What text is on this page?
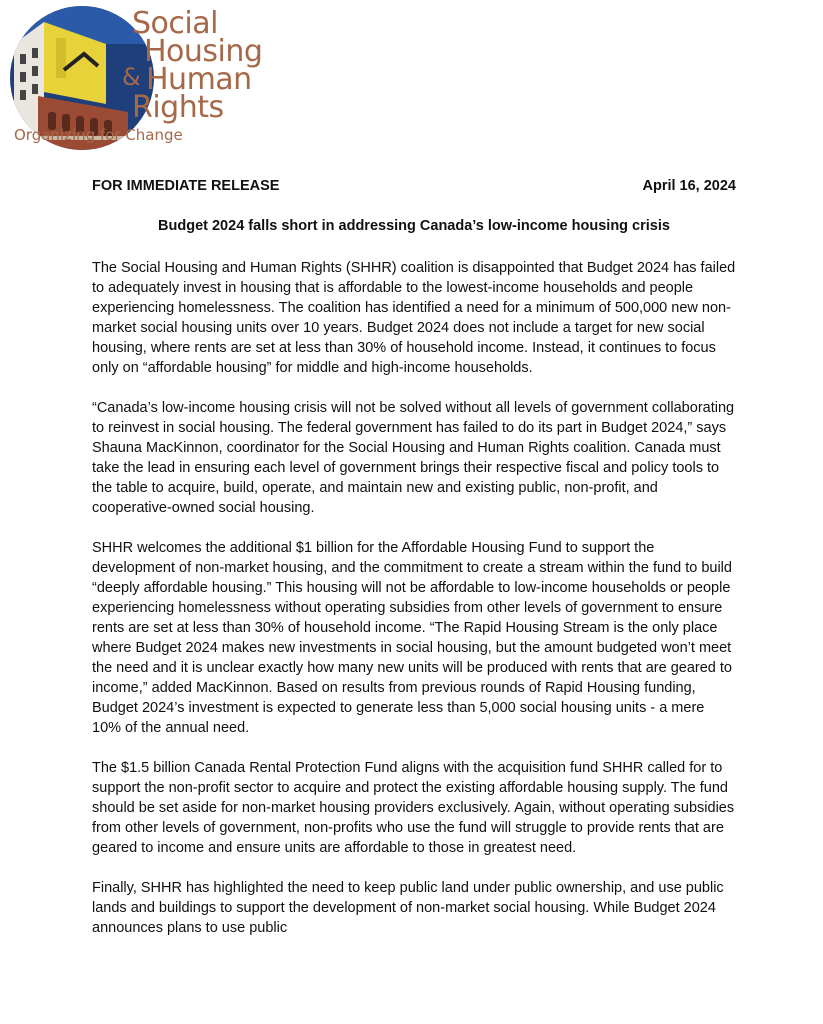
Social
Housing
& Human
Rights
Organizing for Change
FOR IMMEDIATE RELEASE	April 16, 2024
Budget 2024 falls short in addressing Canada’s low-income housing crisis

The Social Housing and Human Rights (SHHR) coalition is disappointed that Budget 2024 has failed to adequately invest in housing that is affordable to the lowest-income households and people experiencing homelessness. The coalition has identified a need for a minimum of 500,000 new non-market social housing units over 10 years. Budget 2024 does not include a target for new social housing, where rents are set at less than 30% of household income. Instead, it continues to focus only on “affordable housing” for middle and high-income households.

“Canada’s low-income housing crisis will not be solved without all levels of government collaborating to reinvest in social housing. The federal government has failed to do its part in Budget 2024,” says Shauna MacKinnon, coordinator for the Social Housing and Human Rights coalition. Canada must take the lead in ensuring each level of government brings their respective fiscal and policy tools to the table to acquire, build, operate, and maintain new and existing public, non-profit, and cooperative-owned social housing.

SHHR welcomes the additional $1 billion for the Affordable Housing Fund to support the development of non-market housing, and the commitment to create a stream within the fund to build “deeply affordable housing.” This housing will not be affordable to low-income households or people experiencing homelessness without operating subsidies from other levels of government to ensure rents are set at less than 30% of household income. “The Rapid Housing Stream is the only place where Budget 2024 makes new investments in social housing, but the amount budgeted won’t meet the need and it is unclear exactly how many new units will be produced with rents that are geared to income,” added MacKinnon. Based on results from previous rounds of Rapid Housing funding, Budget 2024’s investment is expected to generate less than 5,000 social housing units - a mere 10% of the annual need.

The $1.5 billion Canada Rental Protection Fund aligns with the acquisition fund SHHR called for to support the non-profit sector to acquire and protect the existing affordable housing supply. The fund should be set aside for non-market housing providers exclusively. Again, without operating subsidies from other levels of government, non-profits who use the fund will struggle to provide rents that are geared to income and ensure units are affordable to those in greatest need.

Finally, SHHR has highlighted the need to keep public land under public ownership, and use public lands and buildings to support the development of non-market social housing. While Budget 2024 announces plans to use public
